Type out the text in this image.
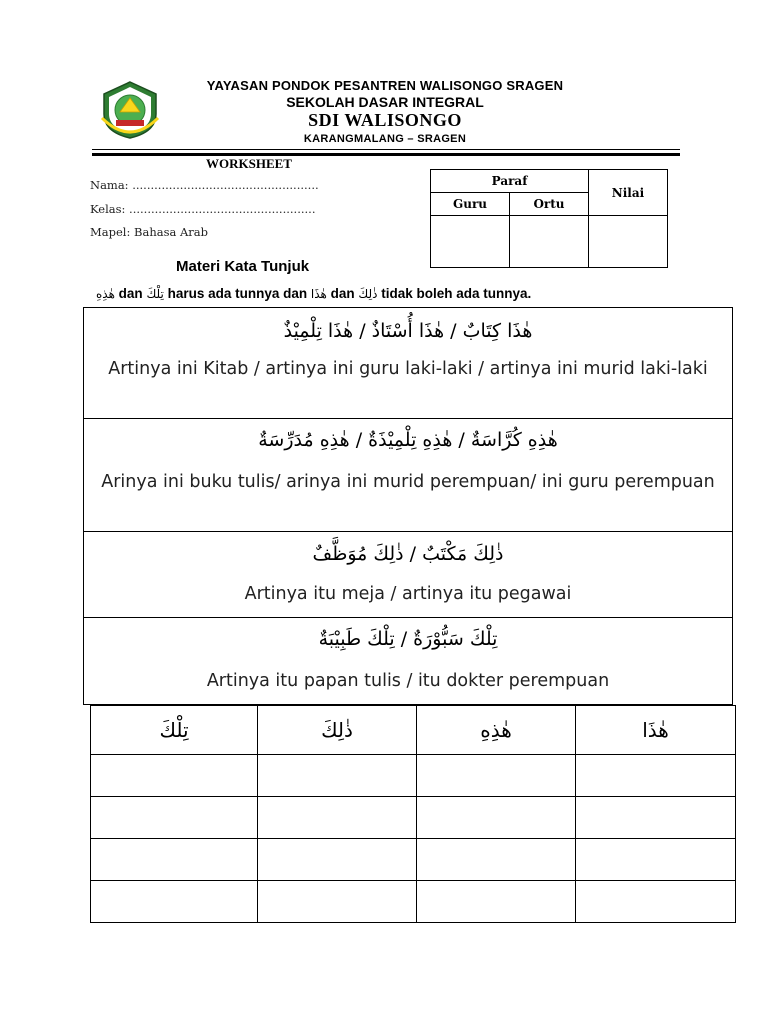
YAYASAN PONDOK PESANTREN WALISONGO SRAGEN
SEKOLAH DASAR INTEGRAL
SDI WALISONGO
KARANGMALANG – SRAGEN
WORKSHEET
Nama: ...................................................
Kelas: ...................................................
Mapel: Bahasa Arab
Paraf		Nilai
Guru	Ortu	

Materi Kata Tunjuk
هٰذِهِ dan تِلْكَ harus ada tunnya dan هٰذَا dan ذٰلِكَ tidak boleh ada tunnya.
هٰذَا كِتَابٌ / هٰذَا أُسْتَاذٌ / هٰذَا تِلْمِيْذٌ
Artinya ini Kitab / artinya ini guru laki-laki / artinya ini murid laki-laki
هٰذِهِ كُرَّاسَةٌ / هٰذِهِ تِلْمِيْذَةٌ / هٰذِهِ مُدَرِّسَةٌ
Arinya ini buku tulis/ arinya ini murid perempuan/ ini guru perempuan
ذٰلِكَ مَكْتَبٌ / ذٰلِكَ مُوَظَّفٌ
Artinya itu meja / artinya itu pegawai
تِلْكَ سَبُّوْرَةٌ / تِلْكَ طَبِيْبَةٌ
Artinya itu papan tulis / itu dokter perempuan
تِلْكَ	ذٰلِكَ	هٰذِهِ	هٰذَا
